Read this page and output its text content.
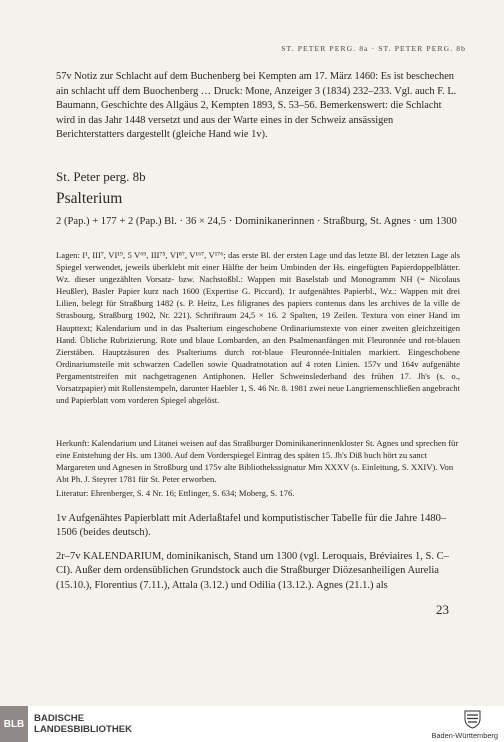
ST. PETER PERG. 8a · ST. PETER PERG. 8b

57v Notiz zur Schlacht auf dem Buchenberg bei Kempten am 17. März 1460: Es ist beschechen ain schlacht uff dem Buochenberg … Druck: Mone, Anzeiger 3 (1834) 232–233. Vgl. auch F. L. Baumann, Geschichte des Allgäus 2, Kempten 1893, S. 53–56. Bemerkenswert: die Schlacht wird in das Jahr 1448 versetzt und aus der Warte eines in der Schweiz ansässigen Berichterstatters dargestellt (gleiche Hand wie 1v).

St. Peter perg. 8b
Psalterium

2 (Pap.) + 177 + 2 (Pap.) Bl. · 36 × 24,5 · Dominikanerinnen · Straßburg, St. Agnes · um 1300

Lagen: I¹, III⁷, VI¹⁹, 5 V⁶⁹, III⁷⁵, VI⁸⁷, V¹⁶⁷, V¹⁷⁶; das erste Bl. der ersten Lage und das letzte Bl. der letzten Lage als Spiegel verwendet, jeweils überklebt mit einer Hälfte der beim Umbinden der Hs. eingefügten Papierdoppelblätter. Wz. dieser ungezählten Vorsatz- bzw. Nachstoßbl.: Wappen mit Baselstab und Monogramm NH (= Nicolaus Heußler), Basler Papier kurz nach 1600 (Expertise G. Piccard). 1r aufgenähtes Papierbl., Wz.: Wappen mit drei Lilien, belegt für Straßburg 1482 (s. P. Heitz, Les filigranes des papiers contenus dans les archives de la ville de Strasbourg, Straßburg 1902, Nr. 221). Schriftraum 24,5 × 16. 2 Spalten, 19 Zeilen. Textura von einer Hand im Haupttext; Kalendarium und in das Psalterium eingeschobene Ordinariumstexte von einer zweiten gleichzeitigen Hand. Übliche Rubrizierung. Rote und blaue Lombarden, an den Psalmenanfängen mit Fleuronnée und rot-blauen Zierstäben. Hauptzäsuren des Psalteriums durch rot-blaue Fleuronnée-Initialen markiert. Eingeschobene Ordinariumsteile mit schwarzen Cadellen sowie Quadratnotation auf 4 roten Linien. 157v und 164v aufgenähte Pergamentstreifen mit nachgetragenen Antiphonen. Heller Schweinslederband des frühen 17. Jh's (s. o., Vorsatzpapier) mit Rollenstempeln, darunter Haebler 1, S. 46 Nr. 8. 1981 zwei neue Langriemenschließen angebracht und Papierblatt vom vorderen Spiegel abgelöst.

Herkunft: Kalendarium und Litanei weisen auf das Straßburger Dominikanerinnenkloster St. Agnes und sprechen für eine Entstehung der Hs. um 1300. Auf dem Vorderspiegel Eintrag des späten 15. Jh's Diß buch hört zu sanct Margareten und Agnesen in Stroßburg und 175v alte Bibliothekssignatur Mm XXXV (s. Einleitung, S. XXIV). Von Abt Ph. J. Steyrer 1781 für St. Peter erworben.

Literatur: Ehrenberger, S. 4 Nr. 16; Ettlinger, S. 634; Moberg, S. 176.

1v Aufgenähtes Papierblatt mit Aderlaßtafel und komputistischer Tabelle für die Jahre 1480–1506 (beides deutsch).

2r–7v KALENDARIUM, dominikanisch, Stand um 1300 (vgl. Leroquais, Bréviaires 1, S. C–CI). Außer dem ordensüblichen Grundstock auch die Straßburger Diözesanheiligen Aurelia (15.10.), Florentius (7.11.), Attala (3.12.) und Odilia (13.12.). Agnes (21.1.) als

23
BLB BADISCHE
LANDESBIBLIOTHEK
Baden-Württemberg
